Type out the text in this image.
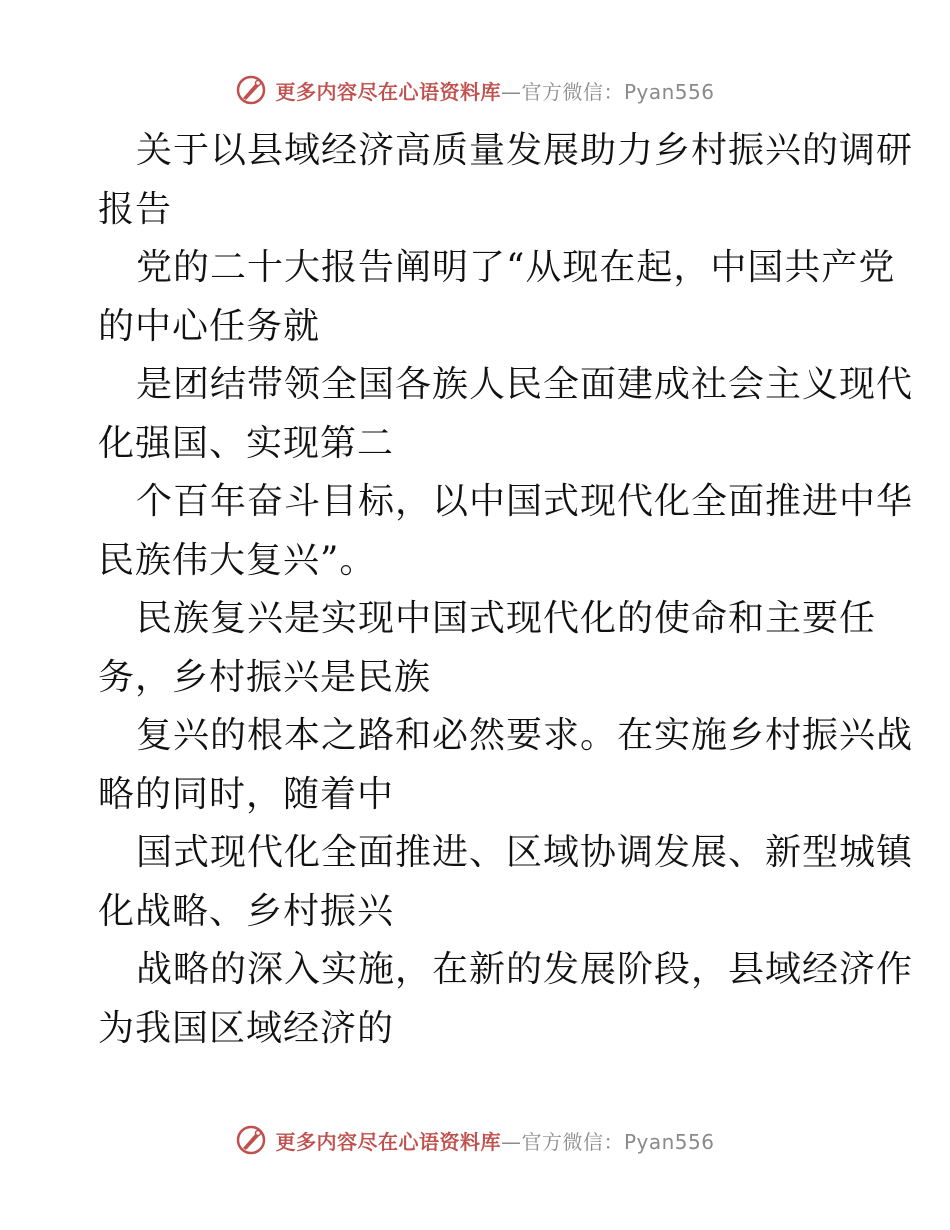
更多内容尽在心语资料库—官方微信：Pyan556
关于以县域经济高质量发展助力乡村振兴的调研
报告
党的二十大报告阐明了“从现在起，中国共产党
的中心任务就
是团结带领全国各族人民全面建成社会主义现代
化强国、实现第二
个百年奋斗目标，以中国式现代化全面推进中华
民族伟大复兴”。
民族复兴是实现中国式现代化的使命和主要任
务，乡村振兴是民族
复兴的根本之路和必然要求。在实施乡村振兴战
略的同时，随着中
国式现代化全面推进、区域协调发展、新型城镇
化战略、乡村振兴
战略的深入实施，在新的发展阶段，县域经济作
为我国区域经济的
更多内容尽在心语资料库—官方微信：Pyan556
